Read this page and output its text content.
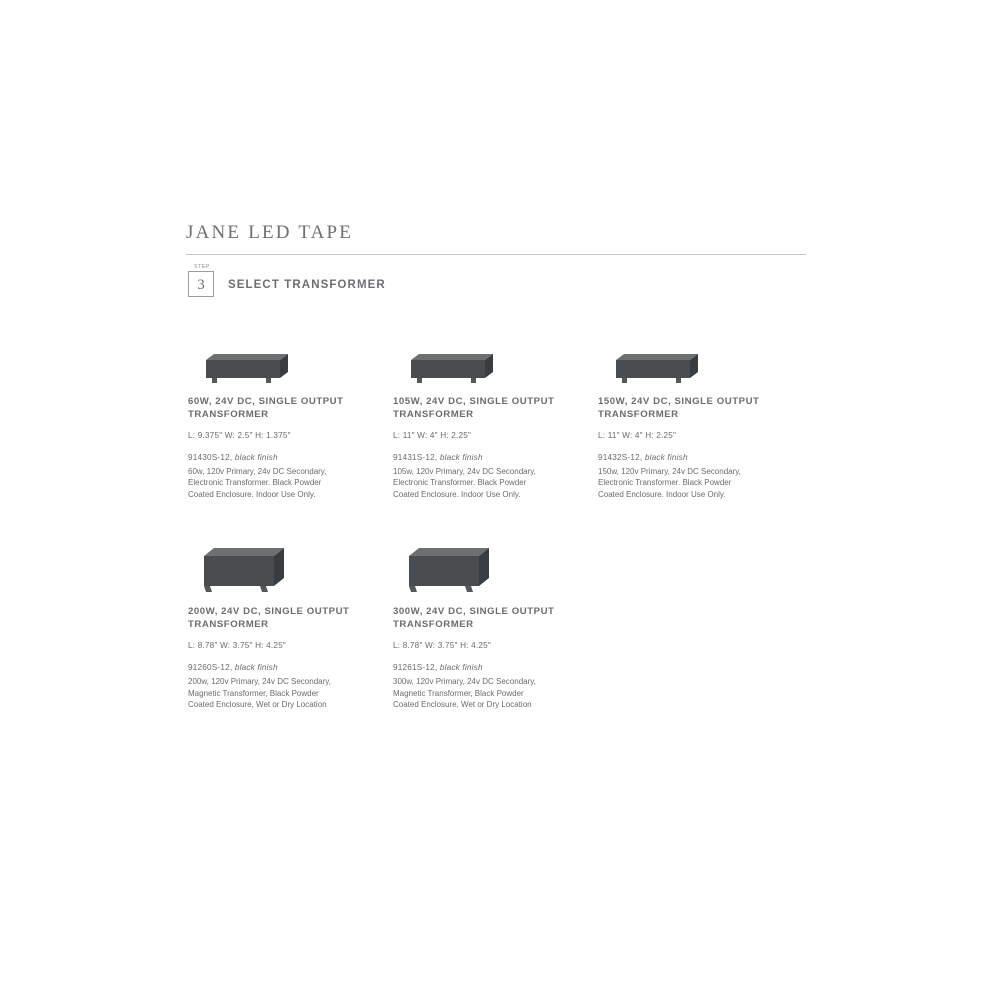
JANE LED TAPE
STEP
3	SELECT TRANSFORMER
60W, 24V DC, SINGLE OUTPUT TRANSFORMER
L: 9.375" W: 2.5" H: 1.375"
91430S-12, black finish
60w, 120v Primary, 24v DC Secondary, Electronic Transformer. Black Powder Coated Enclosure. Indoor Use Only.
105W, 24V DC, SINGLE OUTPUT TRANSFORMER
L: 11" W: 4" H: 2.25"
91431S-12, black finish
105w, 120v Primary, 24v DC Secondary, Electronic Transformer. Black Powder Coated Enclosure. Indoor Use Only.
150W, 24V DC, SINGLE OUTPUT TRANSFORMER
L: 11" W: 4" H: 2.25"
91432S-12, black finish
150w, 120v Primary, 24v DC Secondary, Electronic Transformer. Black Powder Coated Enclosure. Indoor Use Only.
200W, 24V DC, SINGLE OUTPUT TRANSFORMER
L: 8.78" W: 3.75" H: 4.25"
91260S-12, black finish
200w, 120v Primary, 24v DC Secondary, Magnetic Transformer, Black Powder Coated Enclosure, Wet or Dry Location
300W, 24V DC, SINGLE OUTPUT TRANSFORMER
L: 8.78" W: 3.75" H: 4.25"
91261S-12, black finish
300w, 120v Primary, 24v DC Secondary, Magnetic Transformer, Black Powder Coated Enclosure, Wet or Dry Location
